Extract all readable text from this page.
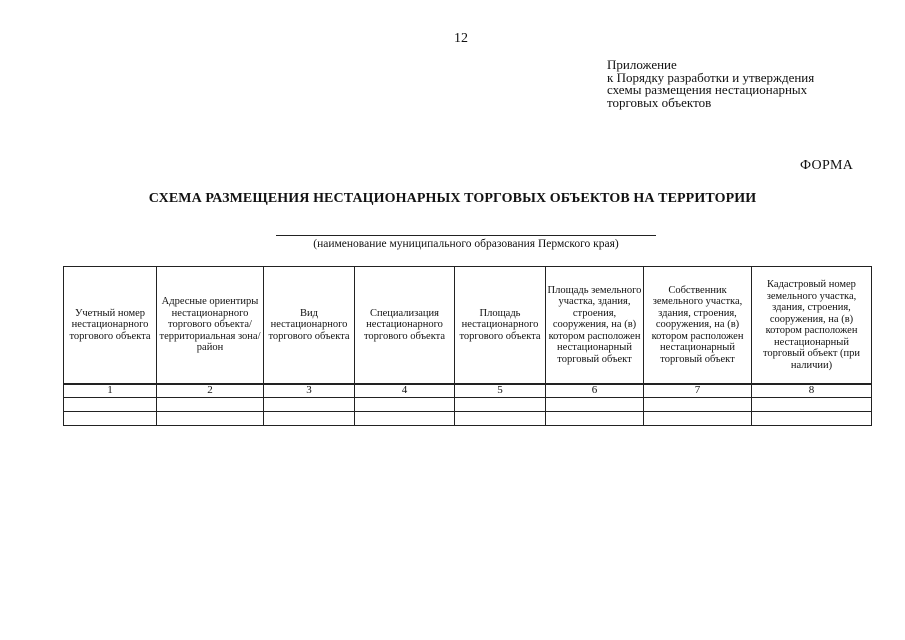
12
Приложение
к Порядку разработки и утверждения
схемы размещения нестационарных
торговых объектов
ФОРМА
СХЕМА РАЗМЕЩЕНИЯ НЕСТАЦИОНАРНЫХ ТОРГОВЫХ ОБЪЕКТОВ НА ТЕРРИТОРИИ
(наименование муниципального образования Пермского края)
Учетный номер нестационарного торгового объекта	Адресные ориентиры нестационарного торгового объекта/ территориальная зона/район	Вид нестационарного торгового объекта	Специализация нестационарного торгового объекта	Площадь нестационарного торгового объекта	Площадь земельного участка, здания, строения, сооружения, на (в) котором расположен нестационарный торговый объект	Собственник земельного участка, здания, строения, сооружения, на (в) котором расположен нестационарный торговый объект	Кадастровый номер земельного участка, здания, строения, сооружения, на (в) котором расположен нестационарный торговый объект (при наличии)
1	2	3	4	5	6	7	8
